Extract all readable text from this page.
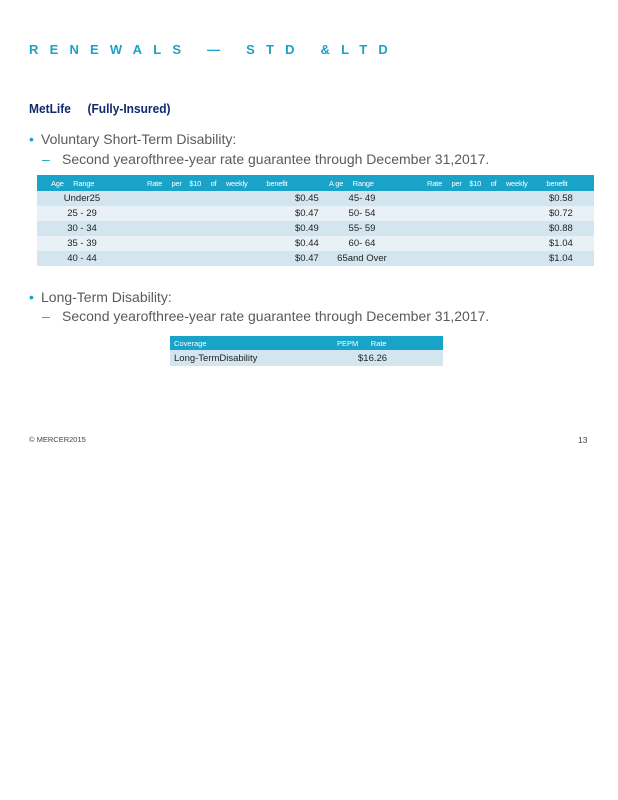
RENEWALS — STD &LTD
MetLife     (Fully-Insured)
• Voluntary Short-Term Disability:
– Second yearofthree-year rate guarantee through December 31,2017.
Age     Range	Rate     per    $10     of     weekly          benefit	A ge     Range	Rate     per    $10     of     weekly          benefit
Under25	$0.45	45- 49	$0.58
25 - 29	$0.47	50- 54	$0.72
30 - 34	$0.49	55- 59	$0.88
35 - 39	$0.44	60- 64	$1.04
40 - 44	$0.47	65and Over	$1.04
• Long-Term Disability:
– Second yearofthree-year rate guarantee through December 31,2017.
Coverage	PEPM      Rate
Long-TermDisability	$16.26
© MERCER2015	13
